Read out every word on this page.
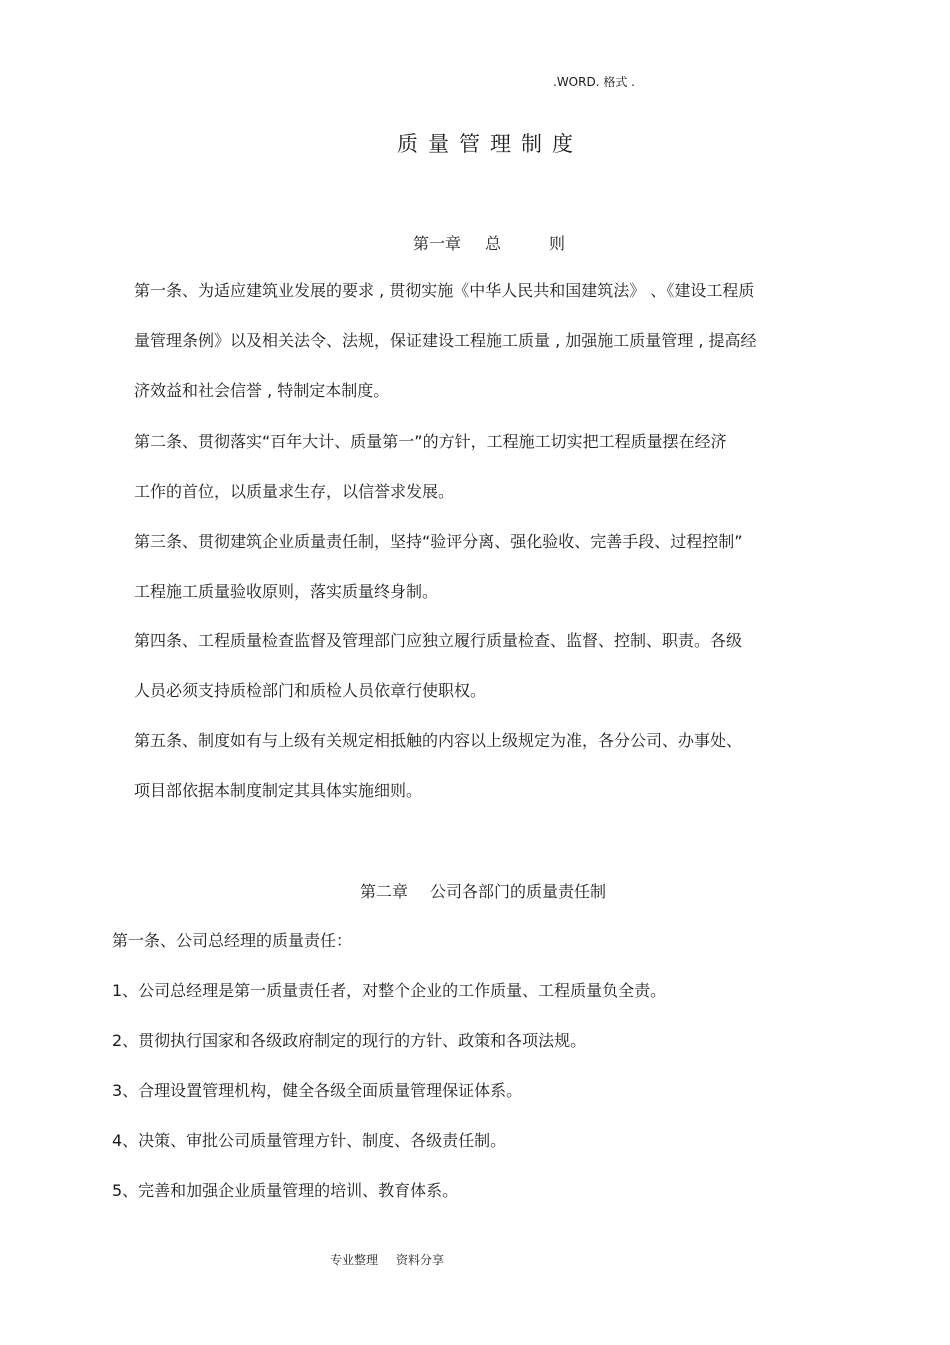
.WORD. 格式 .
质量管理制度
第一章 总	则
第一条、为适应建筑业发展的要求 , 贯彻实施《中华人民共和国建筑法》 、《建设工程质
量管理条例》以及相关法令、法规，保证建设工程施工质量 , 加强施工质量管理 , 提高经
济效益和社会信誉 , 特制定本制度。
第二条、贯彻落实“百年大计、质量第一”的方针，工程施工切实把工程质量摆在经济
工作的首位，以质量求生存，以信誉求发展。
第三条、贯彻建筑企业质量责任制，坚持“验评分离、强化验收、完善手段、过程控制”
工程施工质量验收原则，落实质量终身制。
第四条、工程质量检查监督及管理部门应独立履行质量检查、监督、控制、职责。各级
人员必须支持质检部门和质检人员依章行使职权。
第五条、制度如有与上级有关规定相抵触的内容以上级规定为准，各分公司、办事处、
项目部依据本制度制定其具体实施细则。
第二章 公司各部门的质量责任制
第一条、公司总经理的质量责任：
1、公司总经理是第一质量责任者，对整个企业的工作质量、工程质量负全责。
2、贯彻执行国家和各级政府制定的现行的方针、政策和各项法规。
3、合理设置管理机构，健全各级全面质量管理保证体系。
4、决策、审批公司质量管理方针、制度、各级责任制。
5、完善和加强企业质量管理的培训、教育体系。
专业整理 资料分享
